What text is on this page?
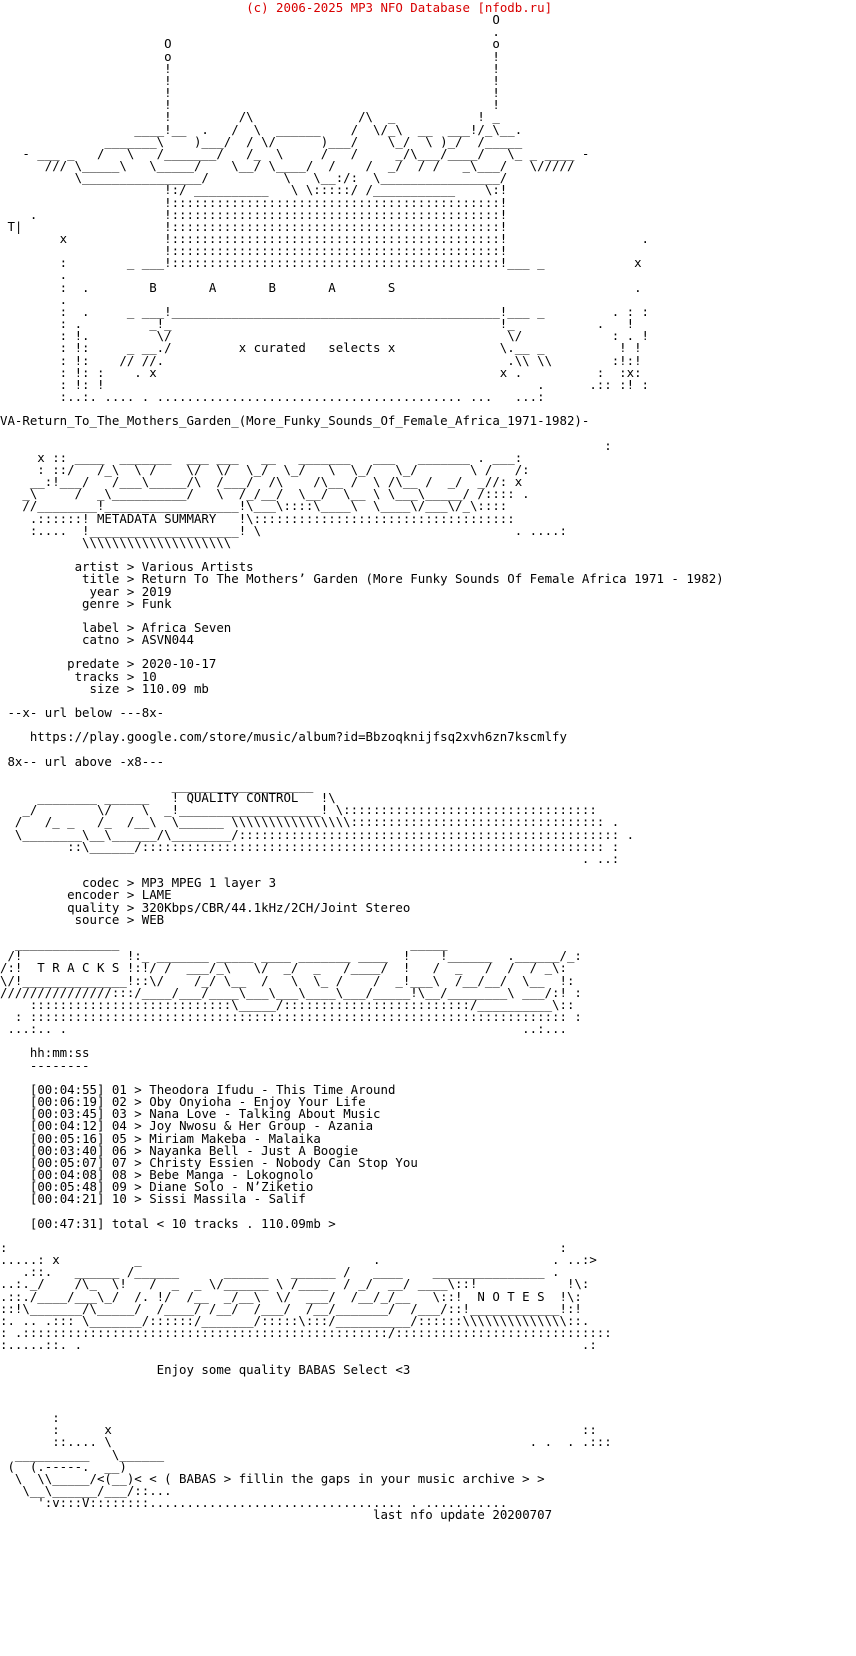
(c) 2006-2025 MP3 NFO Database [nfodb.ru]
O
.
O                                           o
o                                           !
!                                           !
!                                           !
!                                           !
!                                           !
!         /\              /\  _           ! _
____!__  .   /  \  ______    /  \/_\  __  ___!/_\__.
_______\    )___/  / \/      )___/    \_/  \ )_/  /_____
- ___ _   /   \   /_______/   /_  \     /   /     _/\___/____/   \_ _ ____ -
/// \_____\   \_____/    \__/ \____/  /    /  _/  / /   _\___/   \/////
\________________/          \   \__:/:  \________________/
!:/ __________   \ \:::::/ /___________    \:!
!::::::::::::::::::::::::::::::::::::::::::::!
.                 !::::::::::::::::::::::::::::::::::::::::::::!
T|                   !::::::::::::::::::::::::::::::::::::::::::::!
x             !::::::::::::::::::::::::::::::::::::::::::::!                  .
!::::::::::::::::::::::::::::::::::::::::::::!
:        _ ___!::::::::::::::::::::::::::::::::::::::::::::!___ _            x
.
:  .        B       A       B       A       S                                .
.
:  .     _ ___!____________________________________________!___ _         . : :
: .         _!_                                            !_           .   !
: !.         \/                                             \/            : . !
: !:     _ __./         x curated   selects x              \.__ _          ! !
: !:    // //.                                              .\\ \\        :!:!
: !: :    . x                                              x .          :  :x:
: !: !                                                          .      .:: :! :
:..:. .... . ......................................... ...   ...:

VA-Return_To_The_Mothers_Garden_(More_Funky_Sounds_Of_Female_Africa_1971-1982)-

:
x :: ____  _______  ___ ___   __   _______   ___   _______ . ___:
: ::/   /_\  \ /    \/  \/  \_/  \_/   \  \_/   \_/       \ /   /:
__:!___/   /___\_____/\  /___/  /\    /\__ /  \ /\__ /  _/  _//: x
_\     /  _\__________/   \  /_/__/  \__/  \__ \ \___\_____/ /:::: .
//________!__________________!\___\::::\____\  \____\/___\/_\::::
.::::::! METADATA SUMMARY   !\:::::::::::::::::::::::::::::::::::
:....  !____________________! \                                  . ....:
\\\\\\\\\\\\\\\\\\\\

artist > Various Artists
title > Return To The Mothers’ Garden (More Funky Sounds Of Female Africa 1971 - 1982)
year > 2019
genre > Funk

label > Africa Seven
catno > ASVN044

predate > 2020-10-17
tracks > 10
size > 110.09 mb

--x- url below ---8x-

https://play.google.com/store/music/album?id=Bbzoqknijfsq2xvh6zn7kscmlfy

8x-- url above -x8---

___________________
________ ______   ! QUALITY CONTROL   !\
_/        \/    \  _!___________________! \::::::::::::::::::::::::::::::::::
/   /_ _   /_  /__\  \______ \\\\\\\\\\\\\\\\:::::::::::::::::::::::::::::::::: .
\________\__\______/\________/::::::::::::::::::::::::::::::::::::::::::::::::::: .
::\______/:::::::::::::::::::::::::::::::::::::::::::::::::::::::::::::: :
. ..:

codec > MP3 MPEG 1 layer 3
encoder > LAME
quality > 320Kbps/CBR/44.1kHz/2CH/Joint Stereo
source > WEB

______________                                       _____
/!              !:_ _______ _____ ____ _______ ____  !    !______  .______/_:
/:!  T R A C K S !:!/ /  ___/_\   \/  _/  _   /____/  !   /  _   /  /  / _\:
\/!______________!::\/    /_/ \__  /   \  \_ /    /  _!___\  /__/__/  \__  !:
///////////////:::/____/___/____\___\___\____\___/_____!\__/________\ ___/:! :
:::::::::::::::::::::::::::\_____/:::::::::::::::::::::::::/__________\::
: :::::::::::::::::::::::::::::::::::::::::::::::::::::::::::::::::::::::: :
...:.. .                                                             ..:...

hh:mm:ss
--------

[00:04:55] 01 > Theodora Ifudu - This Time Around
[00:06:19] 02 > Oby Onyioha - Enjoy Your Life
[00:03:45] 03 > Nana Love - Talking About Music
[00:04:12] 04 > Joy Nwosu & Her Group - Azania
[00:05:16] 05 > Miriam Makeba - Malaika
[00:03:40] 06 > Nayanka Bell - Just A Boogie
[00:05:07] 07 > Christy Essien - Nobody Can Stop You
[00:04:08] 08 > Bebe Manga - Lokognolo
[00:05:48] 09 > Diane Solo - N’Ziketio
[00:04:21] 10 > Sissi Massila - Salif

[00:47:31] total < 10 tracks . 110.09mb >

:                                                                          :
.....: x          _                               .                       . ..:>
.::.   ______ /______      ______   ______ /   ____    _______________ .
..:._/    /\_  \!   /  _  _ \/______ \ /____  / _/  __/ ____\::!            !\:
.::./____/___\_/  /. !/  /__  _/__\  \/  ___/  /__/_/__   \::!  N O T E S  !\:
::!\_______/\_____/  /____/ /__/  /___/  /__/_______/  /___/::!____________!:!
:. .. .::: \_______/::::::/_______/:::::\:::/__________/::::::\\\\\\\\\\\\\\::.
: .:::::::::::::::::::::::::::::::::::::::::::::::::/:::::::::::::::::::::::::::::
:.....::. .                                                                   .:

Enjoy some quality BABAS Select <3

:
:      x                                                               ::
::.... \                                                        . .  . .:::
__________   \______
(  (.-----.  __)
\  \\_____/<(__)< < ( BABAS > fillin the gaps in your music archive > >
\__\______/___/::...
':v:::V::::::::.................................. . ...........
last nfo update 20200707
